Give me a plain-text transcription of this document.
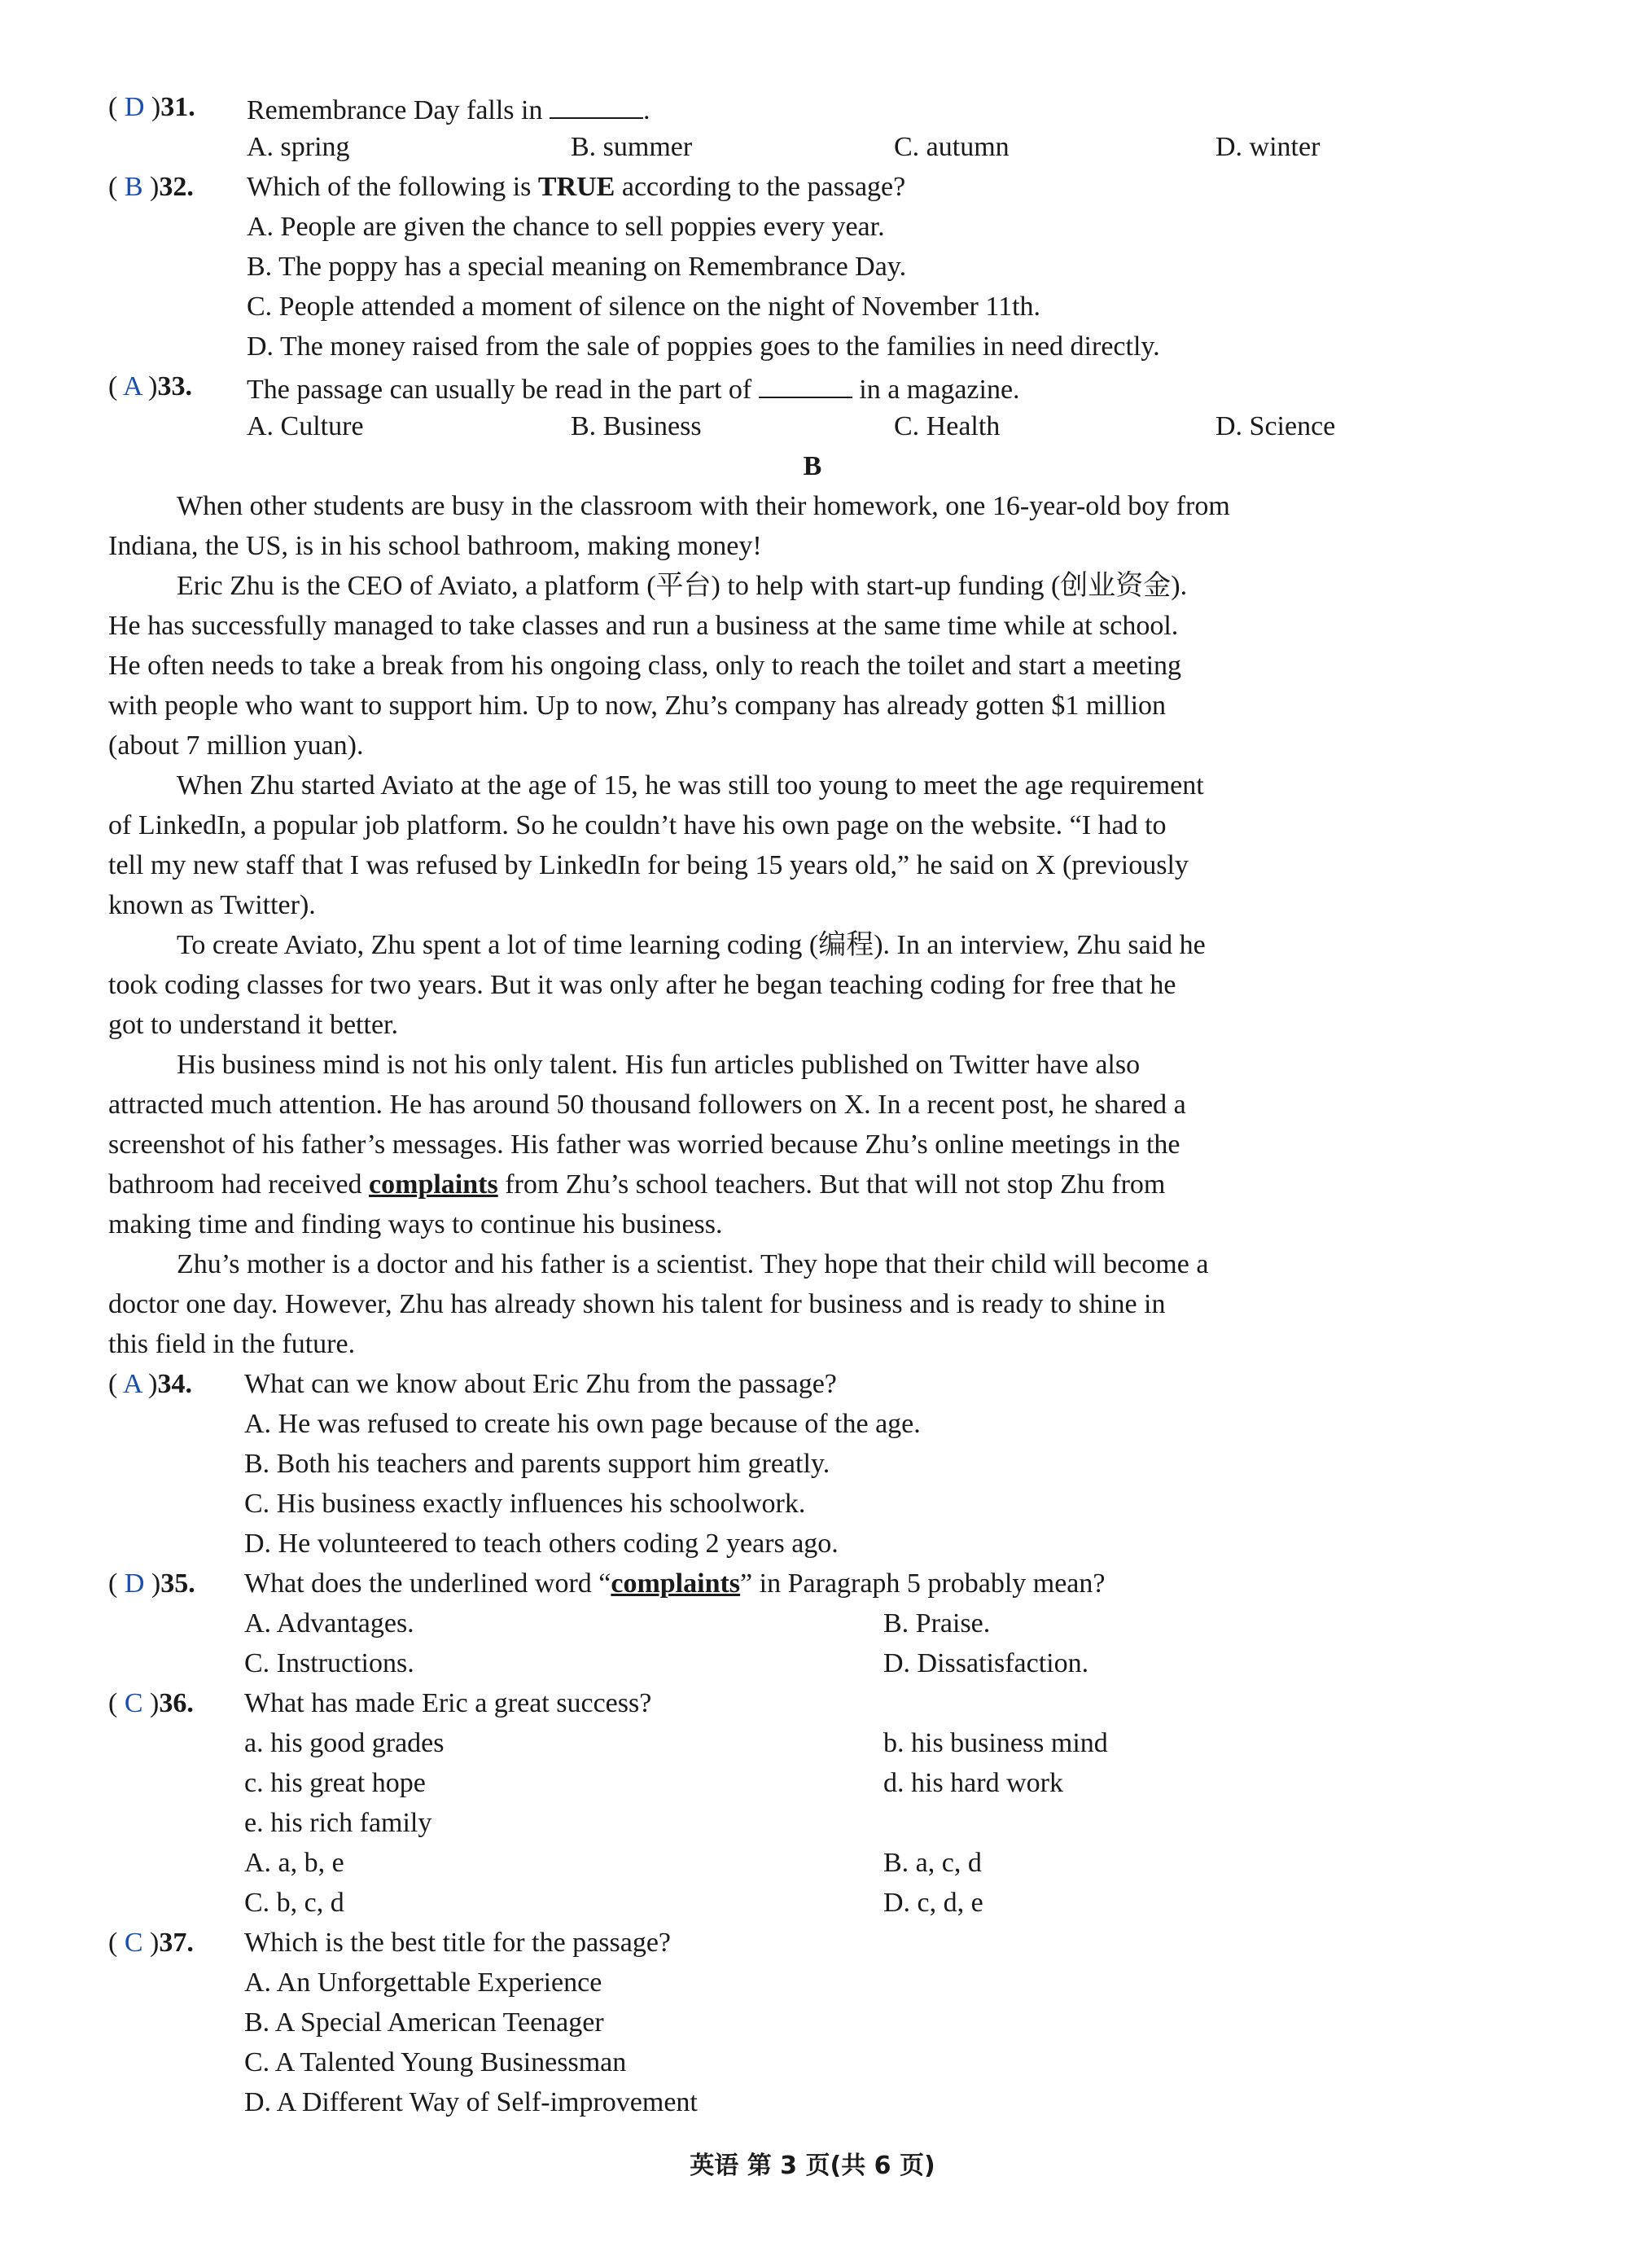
( D )31.	Remembrance Day falls in	.
A. spring	B. summer	C. autumn	D. winter
( B )32.	Which of the following is TRUE according to the passage?
A. People are given the chance to sell poppies every year.
B. The poppy has a special meaning on Remembrance Day.
C. People attended a moment of silence on the night of November 11th.
D. The money raised from the sale of poppies goes to the families in need directly.
( A )33.	The passage can usually be read in the part of	in a magazine.
A. Culture	B. Business	C. Health	D. Science
B
When other students are busy in the classroom with their homework, one 16-year-old boy from
Indiana, the US, is in his school bathroom, making money!
Eric Zhu is the CEO of Aviato, a platform (平台) to help with start-up funding (创业资金).
He has successfully managed to take classes and run a business at the same time while at school.
He often needs to take a break from his ongoing class, only to reach the toilet and start a meeting
with people who want to support him. Up to now, Zhu’s company has already gotten $1 million
(about 7 million yuan).
When Zhu started Aviato at the age of 15, he was still too young to meet the age requirement
of LinkedIn, a popular job platform. So he couldn’t have his own page on the website. “I had to
tell my new staff that I was refused by LinkedIn for being 15 years old,” he said on X (previously
known as Twitter).
To create Aviato, Zhu spent a lot of time learning coding (编程). In an interview, Zhu said he
took coding classes for two years. But it was only after he began teaching coding for free that he
got to understand it better.
His business mind is not his only talent. His fun articles published on Twitter have also
attracted much attention. He has around 50 thousand followers on X. In a recent post, he shared a
screenshot of his father’s messages. His father was worried because Zhu’s online meetings in the
bathroom had received complaints from Zhu’s school teachers. But that will not stop Zhu from
making time and finding ways to continue his business.
Zhu’s mother is a doctor and his father is a scientist. They hope that their child will become a
doctor one day. However, Zhu has already shown his talent for business and is ready to shine in
this field in the future.
( A )34.	What can we know about Eric Zhu from the passage?
A. He was refused to create his own page because of the age.
B. Both his teachers and parents support him greatly.
C. His business exactly influences his schoolwork.
D. He volunteered to teach others coding 2 years ago.
( D )35.	What does the underlined word “complaints” in Paragraph 5 probably mean?
A. Advantages.	B. Praise.
C. Instructions.	D. Dissatisfaction.
( C )36.	What has made Eric a great success?
a. his good grades	b. his business mind
c. his great hope	d. his hard work
e. his rich family
A. a, b, e	B. a, c, d
C. b, c, d	D. c, d, e
( C )37.	Which is the best title for the passage?
A. An Unforgettable Experience
B. A Special American Teenager
C. A Talented Young Businessman
D. A Different Way of Self-improvement
英语 第 3 页(共 6 页)
